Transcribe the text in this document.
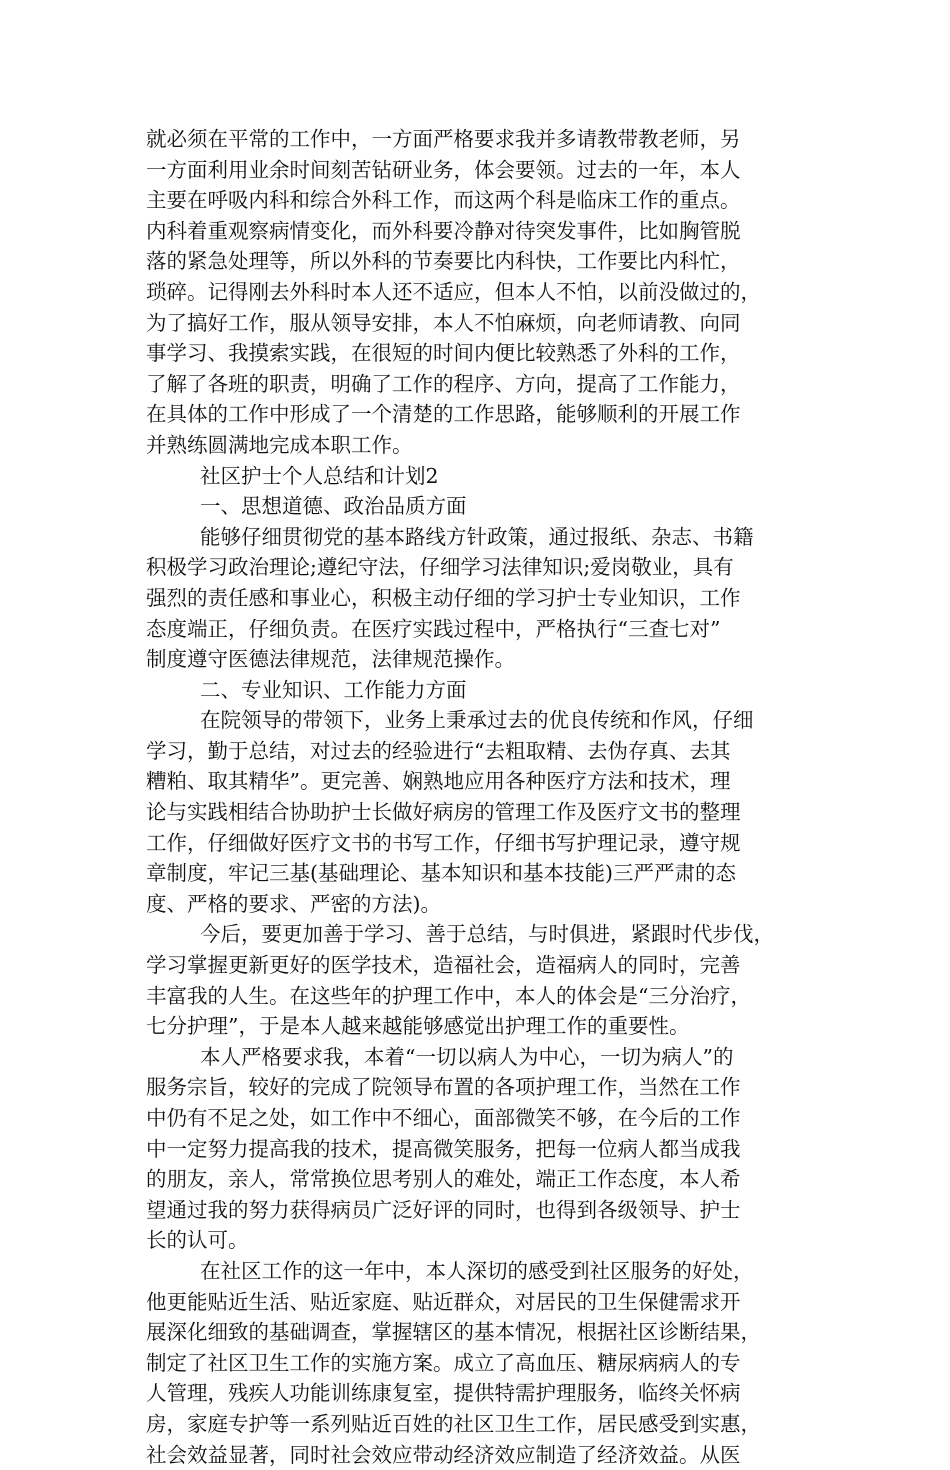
就必须在平常的工作中，一方面严格要求我并多请教带教老师，另
一方面利用业余时间刻苦钻研业务，体会要领。过去的一年，本人
主要在呼吸内科和综合外科工作，而这两个科是临床工作的重点。
内科着重观察病情变化，而外科要冷静对待突发事件，比如胸管脱
落的紧急处理等，所以外科的节奏要比内科快，工作要比内科忙，
琐碎。记得刚去外科时本人还不适应，但本人不怕，以前没做过的，
为了搞好工作，服从领导安排，本人不怕麻烦，向老师请教、向同
事学习、我摸索实践，在很短的时间内便比较熟悉了外科的工作，
了解了各班的职责，明确了工作的程序、方向，提高了工作能力，
在具体的工作中形成了一个清楚的工作思路，能够顺利的开展工作
并熟练圆满地完成本职工作。
社区护士个人总结和计划2
一、思想道德、政治品质方面
能够仔细贯彻党的基本路线方针政策，通过报纸、杂志、书籍
积极学习政治理论;遵纪守法，仔细学习法律知识;爱岗敬业，具有
强烈的责任感和事业心，积极主动仔细的学习护士专业知识，工作
态度端正，仔细负责。在医疗实践过程中，严格执行“三查七对”
制度遵守医德法律规范，法律规范操作。
二、专业知识、工作能力方面
在院领导的带领下，业务上秉承过去的优良传统和作风，仔细
学习，勤于总结，对过去的经验进行“去粗取精、去伪存真、去其
糟粕、取其精华”。更完善、娴熟地应用各种医疗方法和技术，理
论与实践相结合协助护士长做好病房的管理工作及医疗文书的整理
工作，仔细做好医疗文书的书写工作，仔细书写护理记录，遵守规
章制度，牢记三基(基础理论、基本知识和基本技能)三严严肃的态
度、严格的要求、严密的方法)。
今后，要更加善于学习、善于总结，与时俱进，紧跟时代步伐，
学习掌握更新更好的医学技术，造福社会，造福病人的同时，完善
丰富我的人生。在这些年的护理工作中，本人的体会是“三分治疗，
七分护理”，于是本人越来越能够感觉出护理工作的重要性。
本人严格要求我，本着“一切以病人为中心，一切为病人”的
服务宗旨，较好的完成了院领导布置的各项护理工作，当然在工作
中仍有不足之处，如工作中不细心，面部微笑不够，在今后的工作
中一定努力提高我的技术，提高微笑服务，把每一位病人都当成我
的朋友，亲人，常常换位思考别人的难处，端正工作态度，本人希
望通过我的努力获得病员广泛好评的同时，也得到各级领导、护士
长的认可。
在社区工作的这一年中，本人深切的感受到社区服务的好处，
他更能贴近生活、贴近家庭、贴近群众，对居民的卫生保健需求开
展深化细致的基础调查，掌握辖区的基本情况，根据社区诊断结果，
制定了社区卫生工作的实施方案。成立了高血压、糖尿病病人的专
人管理，残疾人功能训练康复室，提供特需护理服务，临终关怀病
房，家庭专护等一系列贴近百姓的社区卫生工作，居民感受到实惠，
社会效益显著，同时社会效应带动经济效应制造了经济效益。从医
